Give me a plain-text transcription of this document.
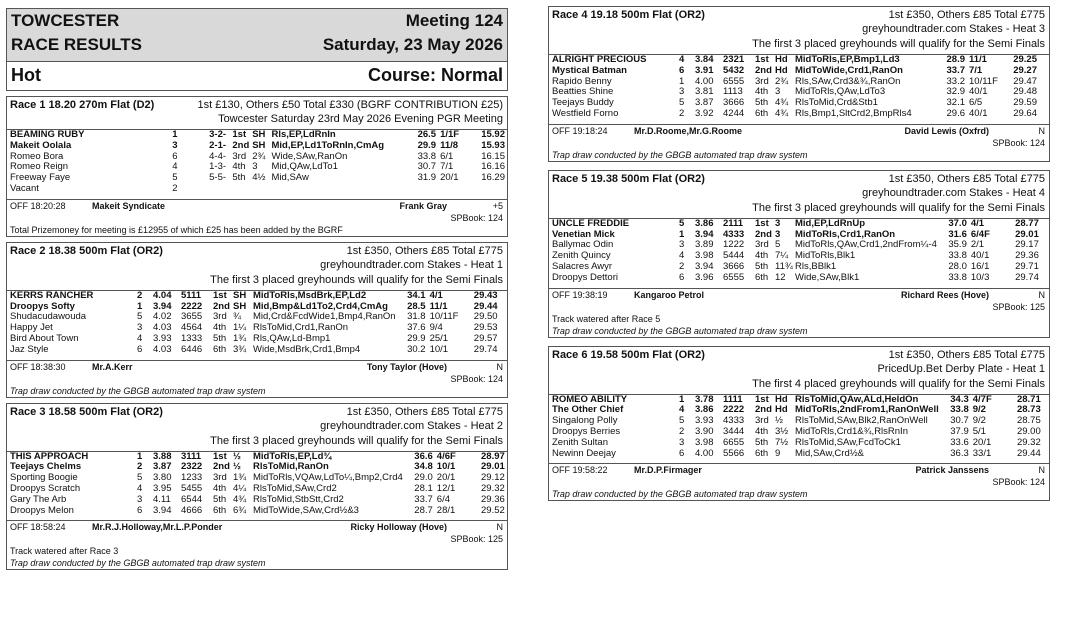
TOWCESTER
RACE RESULTS
Meeting 124
Saturday, 23 May 2026
Hot	Course: Normal
Race 1 18.20 270m Flat (D2)	1st £130, Others £50 Total £330 (BGRF CONTRIBUTION £25)
Towcester Saturday 23rd May 2026 Evening PGR Meeting
BEAMING RUBY	1	3-2-	1st	SH	Rls,EP,LdRnIn	26.5	1/1F	15.92
Makeit Oolala	3	2-1-	2nd	SH	Mid,EP,Ld1ToRnIn,CmAg	29.9	11/8	15.93
Romeo Bora	6	4-4-	3rd	2¾	Wide,SAw,RanOn	33.8	6/1	16.15
Romeo Reign	4	1-3-	4th	3	Mid,QAw,LdTo1	30.7	7/1	16.16
Freeway Faye	5	5-5-	5th	4½	Mid,SAw	31.9	20/1	16.29
Vacant	2							
OFF 18:20:28	Makeit Syndicate	Frank Gray	+5
SPBook: 124
Total Prizemoney for meeting is £12955 of which £25 has been added by the BGRF
Race 2 18.38 500m Flat (OR2)	1st £350, Others £85 Total £775
greyhoundtrader.com Stakes - Heat 1
The first 3 placed greyhounds will qualify for the Semi Finals
KERRS RANCHER	2	4.04	5111	1st	SH	MidToRls,MsdBrk,EP,Ld2	34.1	4/1	29.43
Droopys Softy	1	3.94	2222	2nd	SH	Mid,Bmp&Ld1To2,Crd4,CmAg	28.5	11/1	29.44
Shudacudawouda	5	4.02	3655	3rd	¾	Mid,Crd&FcdWide1,Bmp4,RanOn	31.8	10/11F	29.50
Happy Jet	3	4.03	4564	4th	1¼	RlsToMid,Crd1,RanOn	37.6	9/4	29.53
Bird About Town	4	3.93	1333	5th	1¾	Rls,QAw,Ld-Bmp1	29.9	25/1	29.57
Jaz Style	6	4.03	6446	6th	3¾	Wide,MsdBrk,Crd1,Bmp4	30.2	10/1	29.74
OFF 18:38:30	Mr.A.Kerr	Tony Taylor (Hove)	N
SPBook: 124
Trap draw conducted by the GBGB automated trap draw system
Race 3 18.58 500m Flat (OR2)	1st £350, Others £85 Total £775
greyhoundtrader.com Stakes - Heat 2
The first 3 placed greyhounds will qualify for the Semi Finals
THIS APPROACH	1	3.88	3111	1st	½	MidToRls,EP,Ld¾	36.6	4/6F	28.97
Teejays Chelms	2	3.87	2322	2nd	½	RlsToMid,RanOn	34.8	10/1	29.01
Sporting Boogie	5	3.80	1233	3rd	1¾	MidToRls,VQAw,LdTo¼,Bmp2,Crd4	29.0	20/1	29.12
Droopys Scratch	4	3.95	5455	4th	4¼	RlsToMid,SAw,Crd2	28.1	12/1	29.32
Gary The Arb	3	4.11	6544	5th	4¾	RlsToMid,StbStt,Crd2	33.7	6/4	29.36
Droopys Melon	6	3.94	4666	6th	6¾	MidToWide,SAw,Crd½&3	28.7	28/1	29.52
OFF 18:58:24	Mr.R.J.Holloway,Mr.L.P.Ponder	Ricky Holloway (Hove)	N
SPBook: 125
Track watered after Race 3
Trap draw conducted by the GBGB automated trap draw system
Race 4 19.18 500m Flat (OR2)	1st £350, Others £85 Total £775
greyhoundtrader.com Stakes - Heat 3
The first 3 placed greyhounds will qualify for the Semi Finals
ALRIGHT PRECIOUS	4	3.84	2321	1st	Hd	MidToRls,EP,Bmp1,Ld3	28.9	11/1	29.25
Mystical Batman	6	3.91	5432	2nd	Hd	MidToWide,Crd1,RanOn	33.7	7/1	29.27
Rapido Benny	1	4.00	6555	3rd	2¾	Rls,SAw,Crd3&¾,RanOn	33.2	10/11F	29.47
Beatties Shine	3	3.81	1113	4th	3	MidToRls,QAw,LdTo3	32.9	40/1	29.48
Teejays Buddy	5	3.87	3666	5th	4¾	RlsToMid,Crd&Stb1	32.1	6/5	29.59
Westfield Forno	2	3.92	4244	6th	4¾	Rls,Bmp1,SltCrd2,BmpRls4	29.6	40/1	29.64
OFF 19:18:24	Mr.D.Roome,Mr.G.Roome	David Lewis (Oxfrd)	N
SPBook: 124
Trap draw conducted by the GBGB automated trap draw system
Race 5 19.38 500m Flat (OR2)	1st £350, Others £85 Total £775
greyhoundtrader.com Stakes - Heat 4
The first 3 placed greyhounds will qualify for the Semi Finals
UNCLE FREDDIE	5	3.86	2111	1st	3	Mid,EP,LdRnUp	37.0	4/1	28.77
Venetian Mick	1	3.94	4333	2nd	3	MidToRls,Crd1,RanOn	31.6	6/4F	29.01
Ballymac Odin	3	3.89	1222	3rd	5	MidToRls,QAw,Crd1,2ndFrom¼-4	35.9	2/1	29.17
Zenith Quincy	4	3.98	5444	4th	7¼	MidToRls,Blk1	33.8	40/1	29.36
Salacres Awyr	2	3.94	3666	5th	11¾	Rls,BBlk1	28.0	16/1	29.71
Droopys Dettori	6	3.96	6555	6th	12	Wide,SAw,Blk1	33.8	10/3	29.74
OFF 19:38:19	Kangaroo Petrol	Richard Rees (Hove)	N
SPBook: 125
Track watered after Race 5
Trap draw conducted by the GBGB automated trap draw system
Race 6 19.58 500m Flat (OR2)	1st £350, Others £85 Total £775
PricedUp.Bet Derby Plate - Heat 1
The first 4 placed greyhounds will qualify for the Semi Finals
ROMEO ABILITY	1	3.78	1111	1st	Hd	RlsToMid,QAw,ALd,HeldOn	34.3	4/7F	28.71
The Other Chief	4	3.86	2222	2nd	Hd	MidToRls,2ndFrom1,RanOnWell	33.8	9/2	28.73
Singalong Polly	5	3.93	4333	3rd	½	RlsToMid,SAw,Blk2,RanOnWell	30.7	9/2	28.75
Droopys Berries	2	3.90	3444	4th	3½	MidToRls,Crd1&¾,RlsRnIn	37.9	5/1	29.00
Zenith Sultan	3	3.98	6655	5th	7½	RlsToMid,SAw,FcdToCk1	33.6	20/1	29.32
Newinn Deejay	6	4.00	5566	6th	9	Mid,SAw,Crd½&	36.3	33/1	29.44
OFF 19:58:22	Mr.D.P.Firmager	Patrick Janssens	N
SPBook: 124
Trap draw conducted by the GBGB automated trap draw system
